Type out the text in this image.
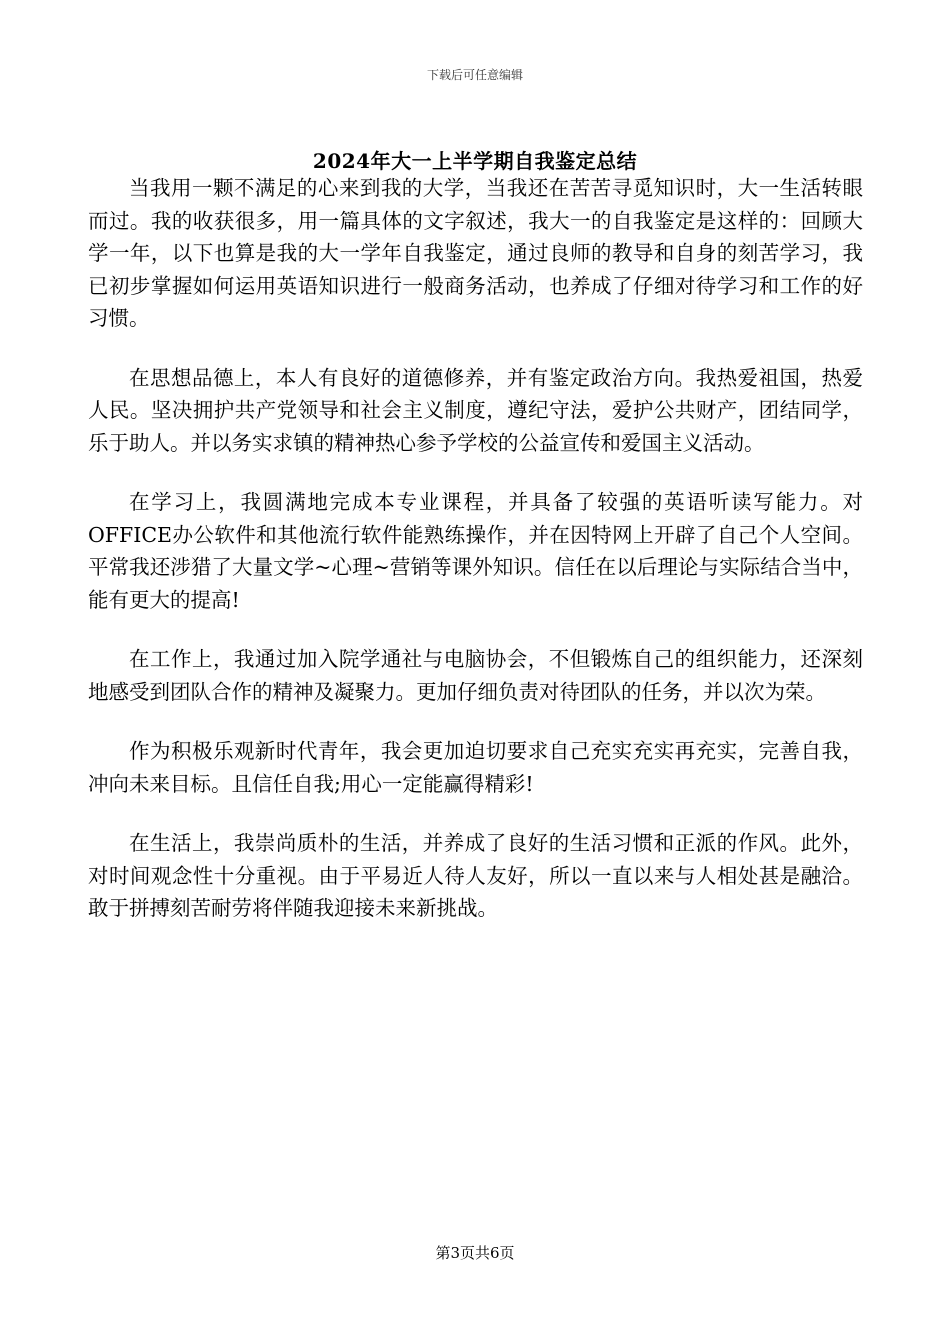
下载后可任意编辑
2024年大一上半学期自我鉴定总结

当我用一颗不满足的心来到我的大学，当我还在苦苦寻觅知识时，大一生活转眼而过。我的收获很多，用一篇具体的文字叙述，我大一的自我鉴定是这样的：回顾大学一年，以下也算是我的大一学年自我鉴定，通过良师的教导和自身的刻苦学习，我已初步掌握如何运用英语知识进行一般商务活动，也养成了仔细对待学习和工作的好习惯。

在思想品德上，本人有良好的道德修养，并有鉴定政治方向。我热爱祖国，热爱人民。坚决拥护共产党领导和社会主义制度，遵纪守法，爱护公共财产，团结同学，乐于助人。并以务实求镇的精神热心参予学校的公益宣传和爱国主义活动。

在学习上，我圆满地完成本专业课程，并具备了较强的英语听读写能力。对OFFICE办公软件和其他流行软件能熟练操作，并在因特网上开辟了自己个人空间。平常我还涉猎了大量文学~心理~营销等课外知识。信任在以后理论与实际结合当中，能有更大的提高!

在工作上，我通过加入院学通社与电脑协会，不但锻炼自己的组织能力，还深刻地感受到团队合作的精神及凝聚力。更加仔细负责对待团队的任务，并以次为荣。

作为积极乐观新时代青年，我会更加迫切要求自己充实充实再充实，完善自我，冲向未来目标。且信任自我;用心一定能赢得精彩!

在生活上，我崇尚质朴的生活，并养成了良好的生活习惯和正派的作风。此外，对时间观念性十分重视。由于平易近人待人友好，所以一直以来与人相处甚是融洽。敢于拼搏刻苦耐劳将伴随我迎接未来新挑战。

第3页共6页
